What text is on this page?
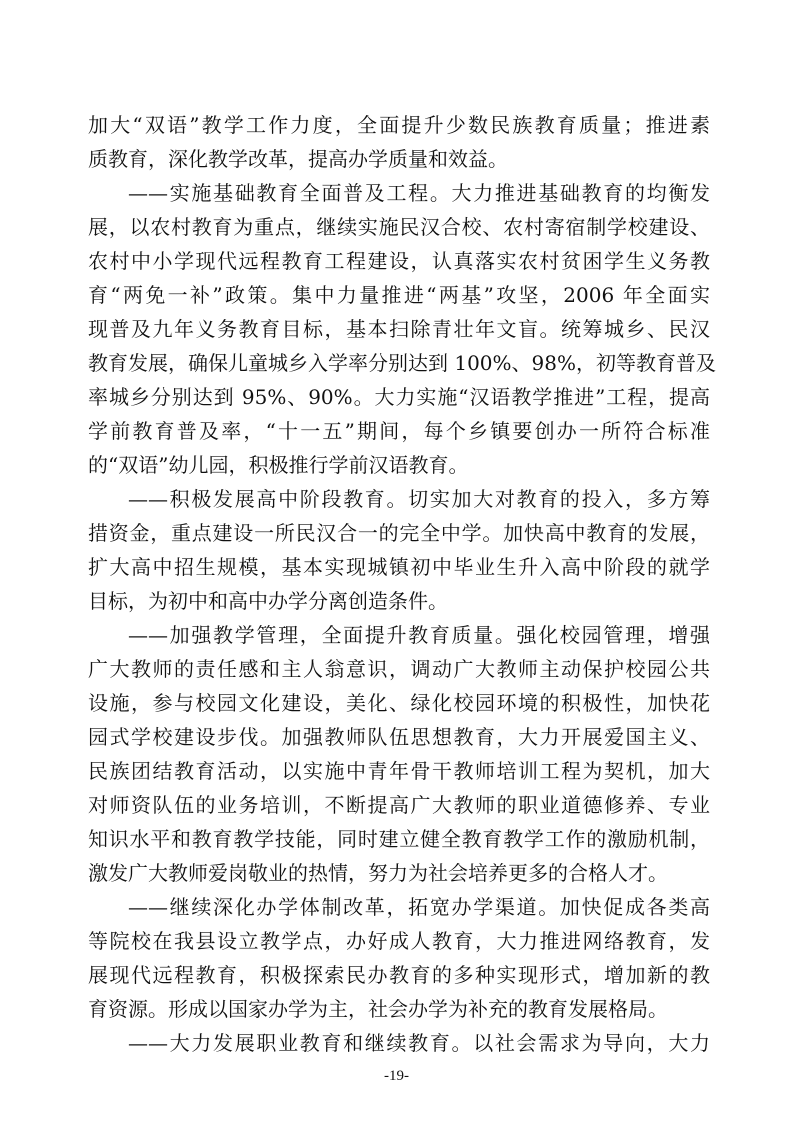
加大“双语”教学工作力度，全面提升少数民族教育质量；推进素
质教育，深化教学改革，提高办学质量和效益。
——实施基础教育全面普及工程。大力推进基础教育的均衡发
展，以农村教育为重点，继续实施民汉合校、农村寄宿制学校建设、
农村中小学现代远程教育工程建设，认真落实农村贫困学生义务教
育“两免一补”政策。集中力量推进“两基”攻坚，2006 年全面实
现普及九年义务教育目标，基本扫除青壮年文盲。统筹城乡、民汉
教育发展，确保儿童城乡入学率分别达到 100%、98%，初等教育普及
率城乡分别达到 95%、90%。大力实施“汉语教学推进”工程，提高
学前教育普及率，“十一五”期间，每个乡镇要创办一所符合标准
的“双语”幼儿园，积极推行学前汉语教育。
——积极发展高中阶段教育。切实加大对教育的投入，多方筹
措资金，重点建设一所民汉合一的完全中学。加快高中教育的发展，
扩大高中招生规模，基本实现城镇初中毕业生升入高中阶段的就学
目标，为初中和高中办学分离创造条件。
——加强教学管理，全面提升教育质量。强化校园管理，增强
广大教师的责任感和主人翁意识，调动广大教师主动保护校园公共
设施，参与校园文化建设，美化、绿化校园环境的积极性，加快花
园式学校建设步伐。加强教师队伍思想教育，大力开展爱国主义、
民族团结教育活动，以实施中青年骨干教师培训工程为契机，加大
对师资队伍的业务培训，不断提高广大教师的职业道德修养、专业
知识水平和教育教学技能，同时建立健全教育教学工作的激励机制，
激发广大教师爱岗敬业的热情，努力为社会培养更多的合格人才。
——继续深化办学体制改革，拓宽办学渠道。加快促成各类高
等院校在我县设立教学点，办好成人教育，大力推进网络教育，发
展现代远程教育，积极探索民办教育的多种实现形式，增加新的教
育资源。形成以国家办学为主，社会办学为补充的教育发展格局。
——大力发展职业教育和继续教育。以社会需求为导向，大力
-19-
